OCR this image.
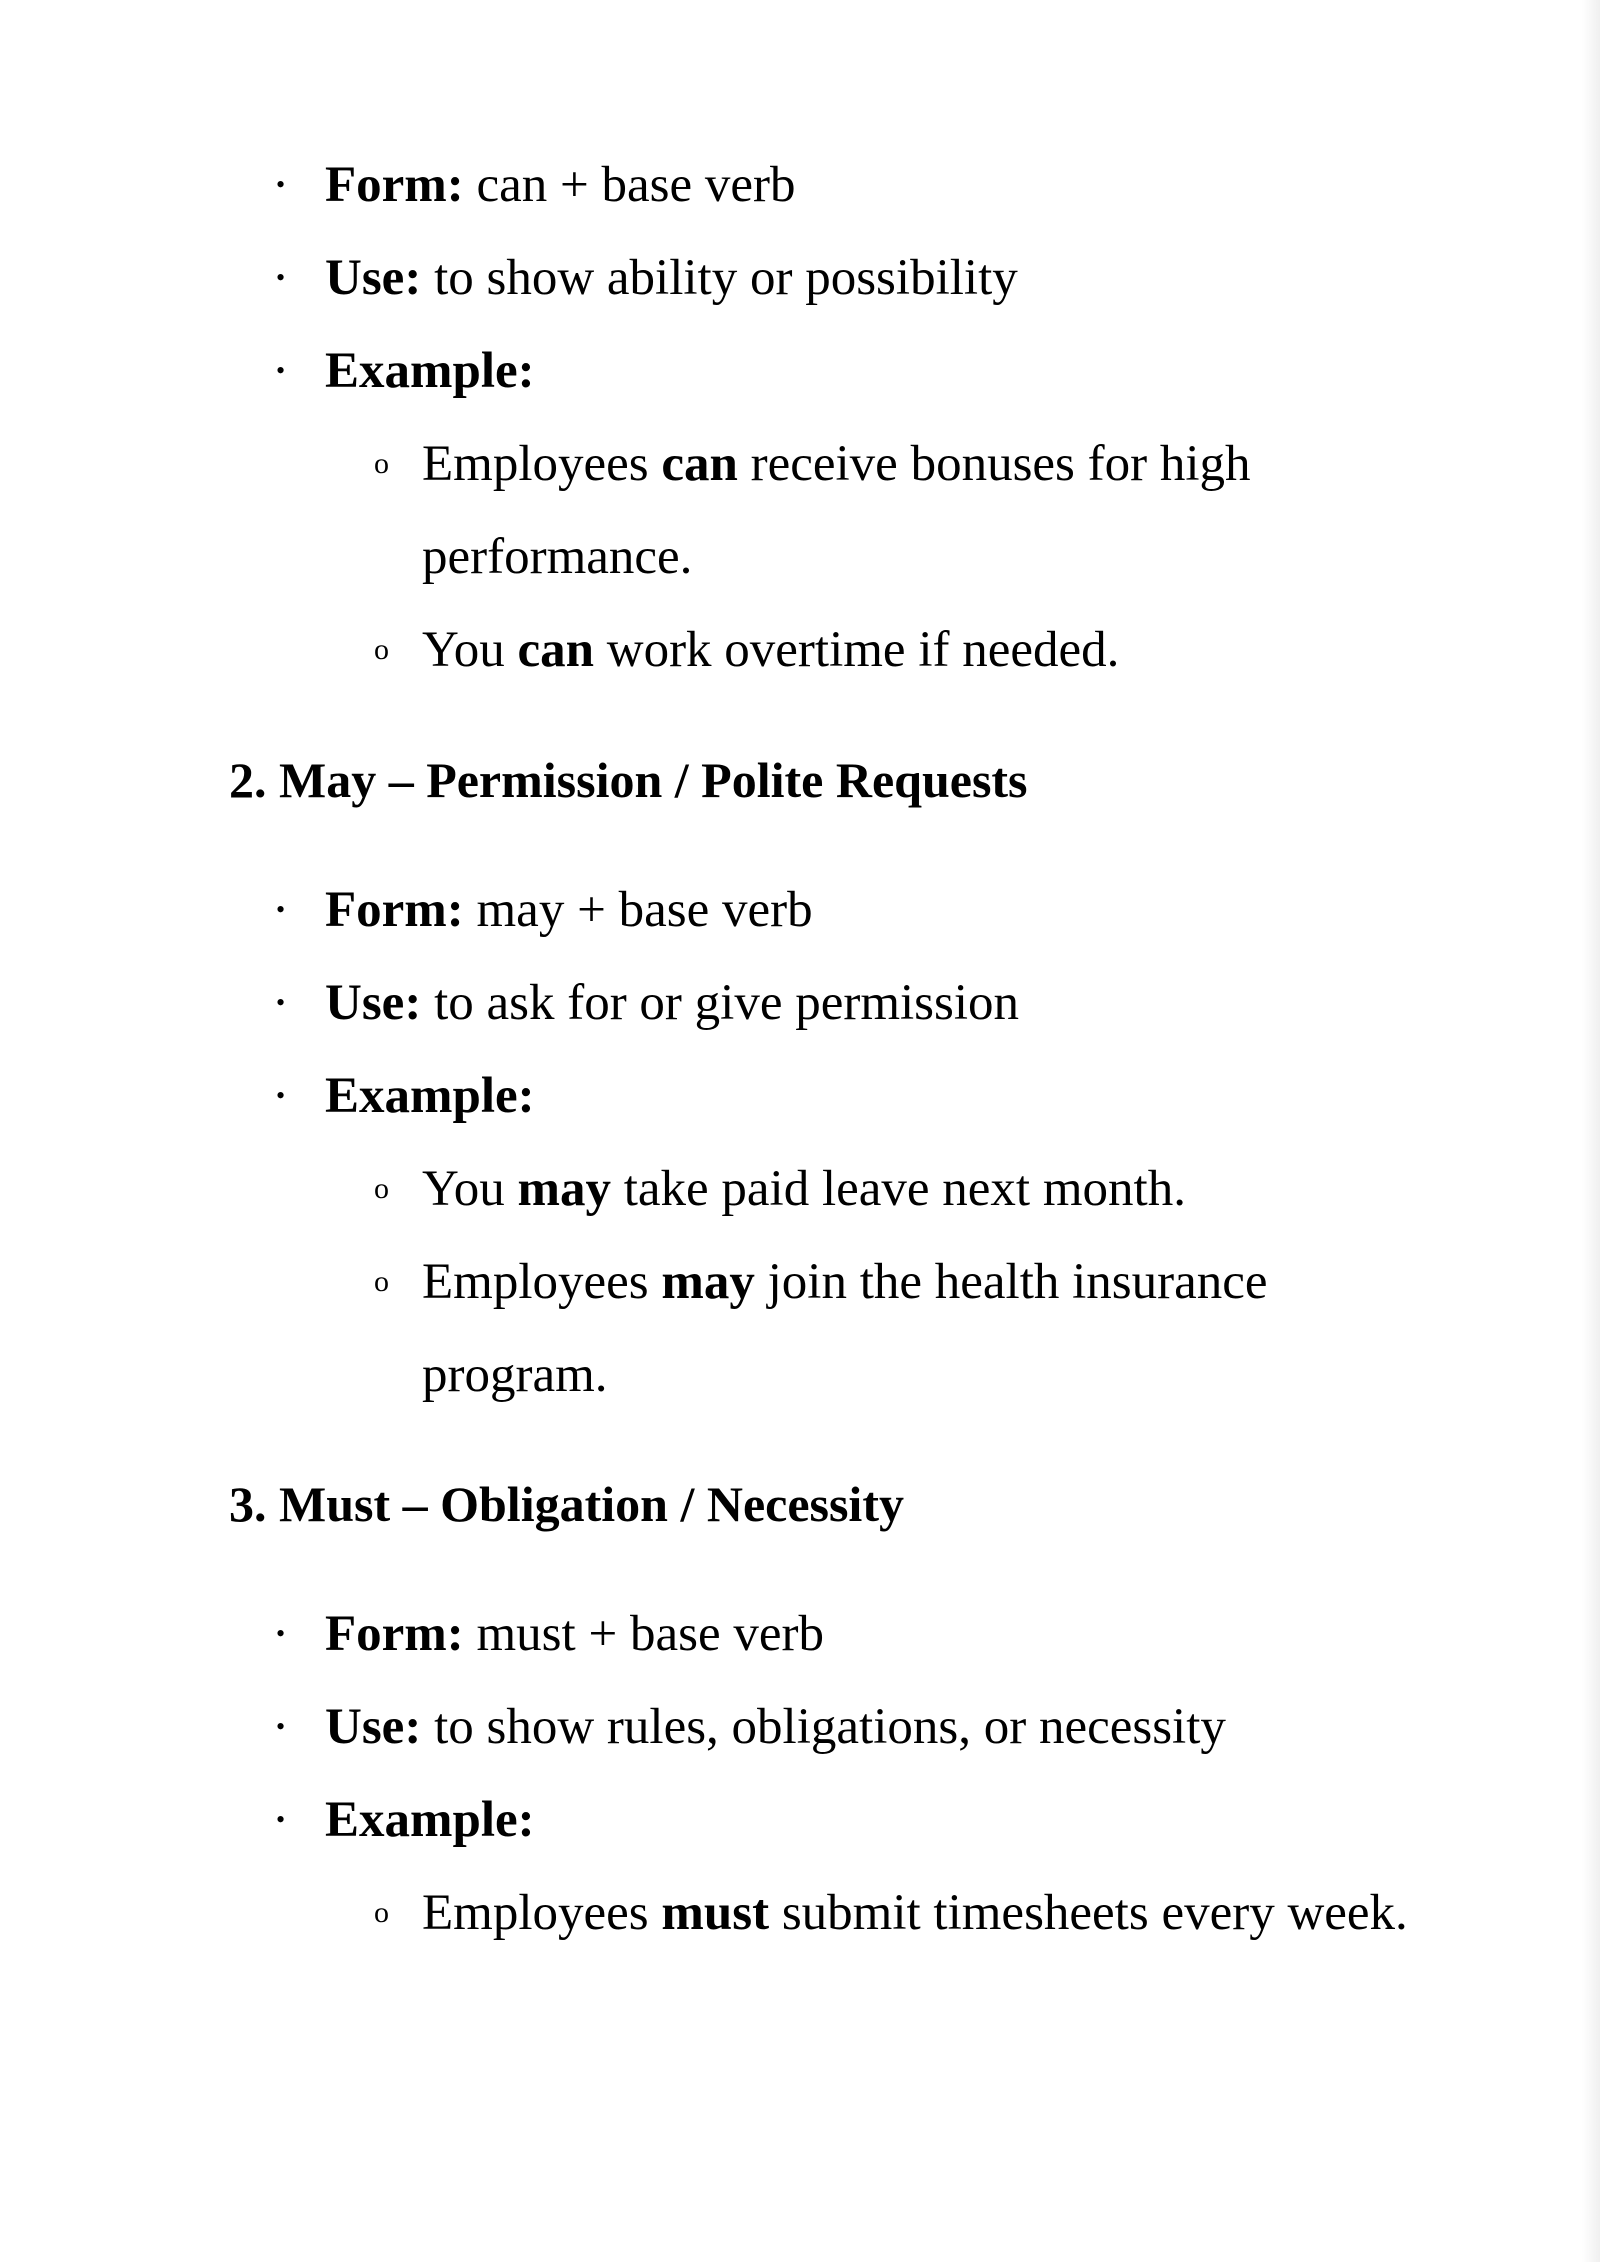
• Form: can + base verb
• Use: to show ability or possibility
• Example:
o Employees can receive bonuses for high
performance.
o You can work overtime if needed.
2. May – Permission / Polite Requests
• Form: may + base verb
• Use: to ask for or give permission
• Example:
o You may take paid leave next month.
o Employees may join the health insurance
program.
3. Must – Obligation / Necessity
• Form: must + base verb
• Use: to show rules, obligations, or necessity
• Example:
o Employees must submit timesheets every week.
